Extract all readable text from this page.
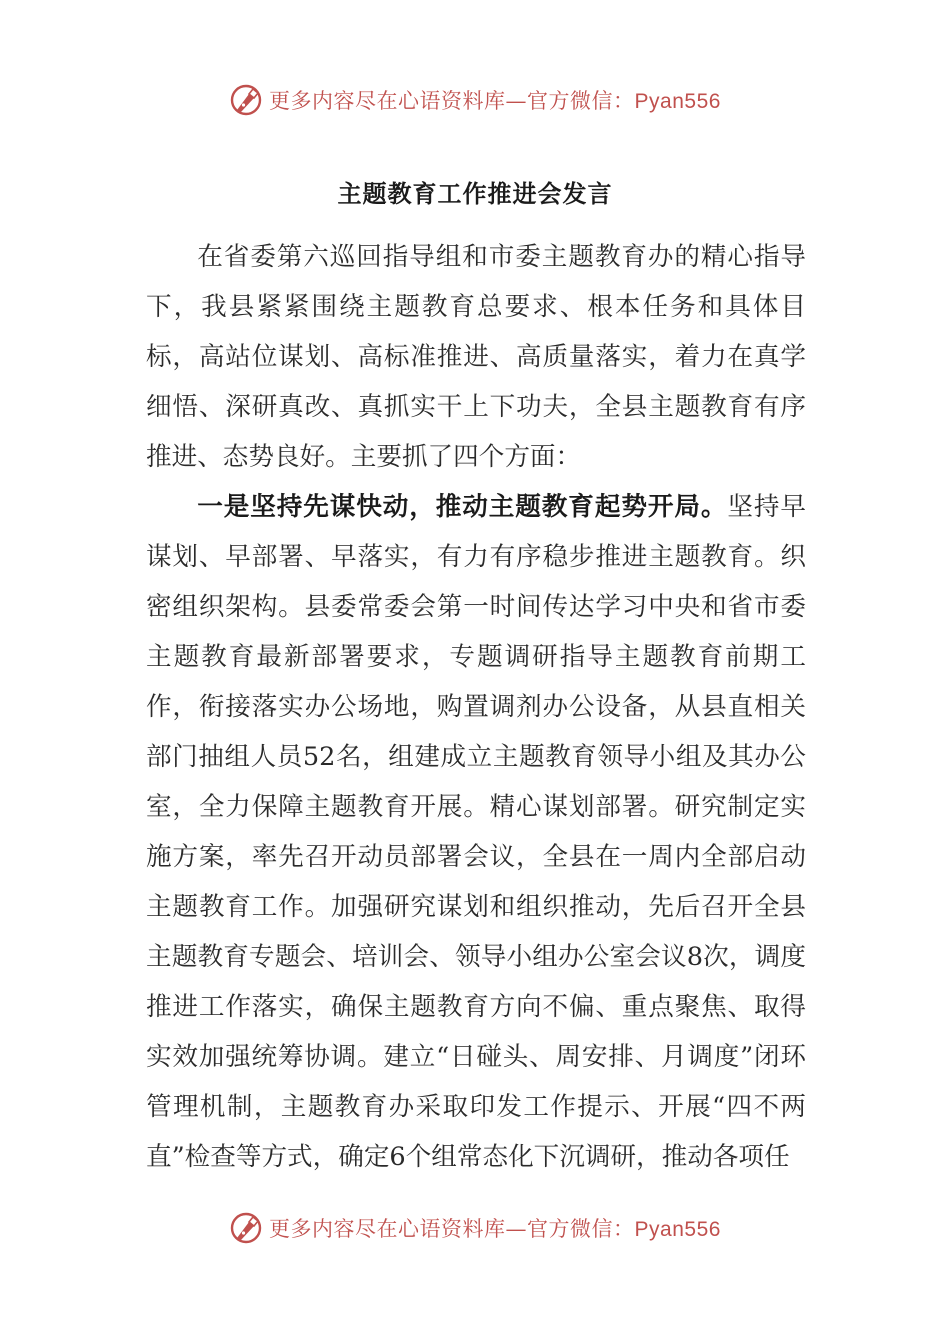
更多内容尽在心语资料库—官方微信：Pyan556
主题教育工作推进会发言

在省委第六巡回指导组和市委主题教育办的精心指导下，我县紧紧围绕主题教育总要求、根本任务和具体目标，高站位谋划、高标准推进、高质量落实，着力在真学细悟、深研真改、真抓实干上下功夫，全县主题教育有序推进、态势良好。主要抓了四个方面：

一是坚持先谋快动，推动主题教育起势开局。坚持早谋划、早部署、早落实，有力有序稳步推进主题教育。织密组织架构。县委常委会第一时间传达学习中央和省市委主题教育最新部署要求，专题调研指导主题教育前期工作，衔接落实办公场地，购置调剂办公设备，从县直相关部门抽组人员52名，组建成立主题教育领导小组及其办公室，全力保障主题教育开展。精心谋划部署。研究制定实施方案，率先召开动员部署会议，全县在一周内全部启动主题教育工作。加强研究谋划和组织推动，先后召开全县主题教育专题会、培训会、领导小组办公室会议8次，调度推进工作落实，确保主题教育方向不偏、重点聚焦、取得实效加强统筹协调。建立“日碰头、周安排、月调度”闭环管理机制，主题教育办采取印发工作提示、开展“四不两直”检查等方式，确定6个组常态化下沉调研，推动各项任

更多内容尽在心语资料库—官方微信：Pyan556
